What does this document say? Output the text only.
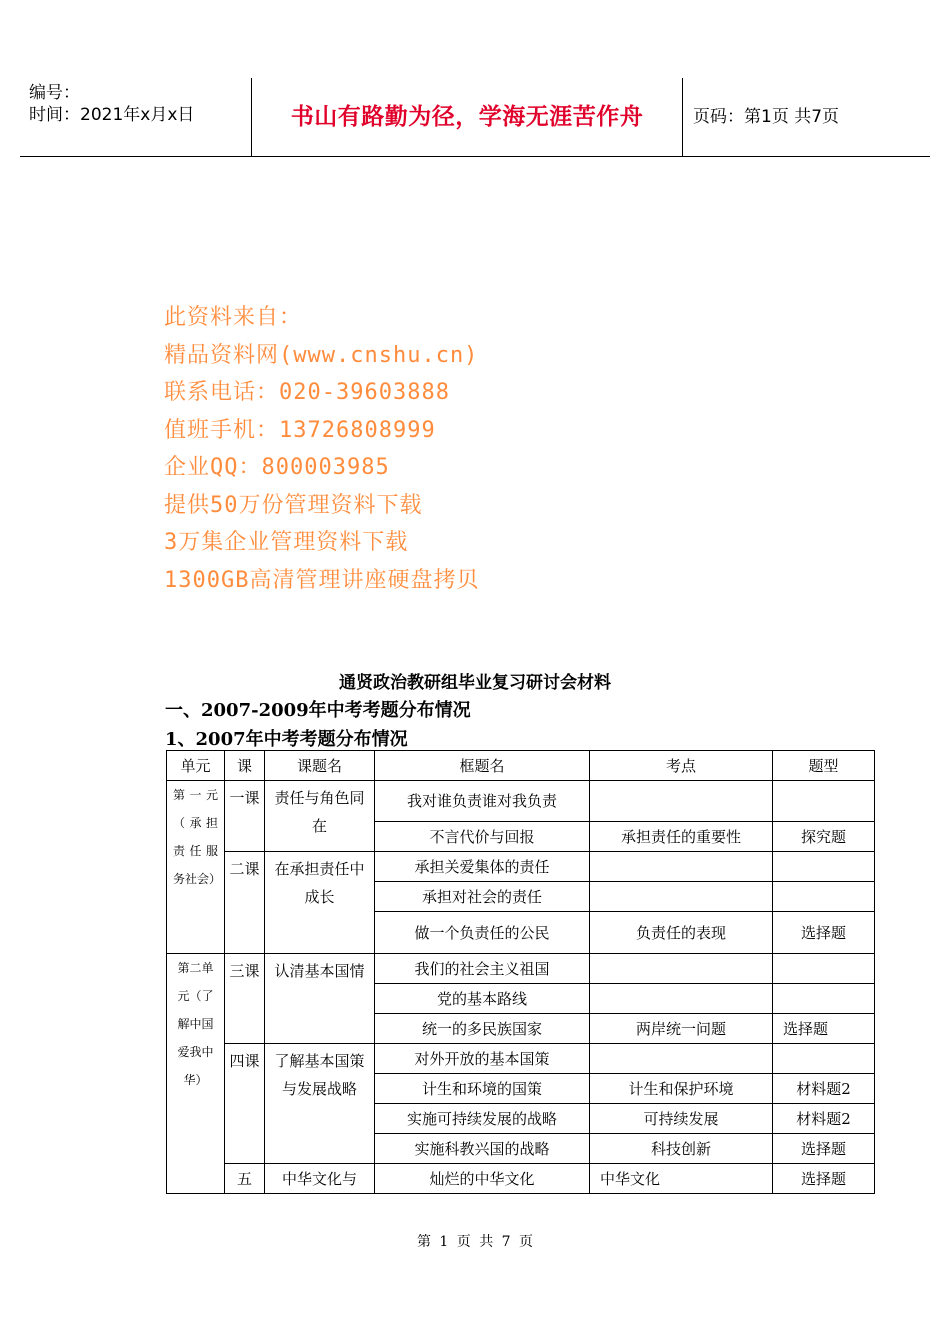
编号：
时间：2021年x月x日	书山有路勤为径，学海无涯苦作舟	页码：第1页 共7页
此资料来自：
精品资料网(www.cnshu.cn)
联系电话：020-39603888
值班手机：13726808999
企业QQ：800003985
提供50万份管理资料下载
3万集企业管理资料下载
1300GB高清管理讲座硬盘拷贝
通贤政治教研组毕业复习研讨会材料
一、2007-2009年中考考题分布情况
1、2007年中考考题分布情况
单元	课	课题名	框题名	考点	题型
第一元（承担责任服务社会）	一课	责任与角色同在	我对谁负责谁对我负责		
			不言代价与回报	承担责任的重要性	探究题
	二课	在承担责任中成长	承担关爱集体的责任		
			承担对社会的责任		
			做一个负责任的公民	负责任的表现	选择题
第二单元（了解中国爱我中华）	三课	认清基本国情	我们的社会主义祖国		
			党的基本路线		
			统一的多民族国家	两岸统一问题	选择题
	四课	了解基本国策与发展战略	对外开放的基本国策		
			计生和环境的国策	计生和保护环境	材料题2
			实施可持续发展的战略	可持续发展	材料题2
			实施科教兴国的战略	科技创新	选择题
	五	中华文化与	灿烂的中华文化	中华文化	选择题
第 1 页 共 7 页
